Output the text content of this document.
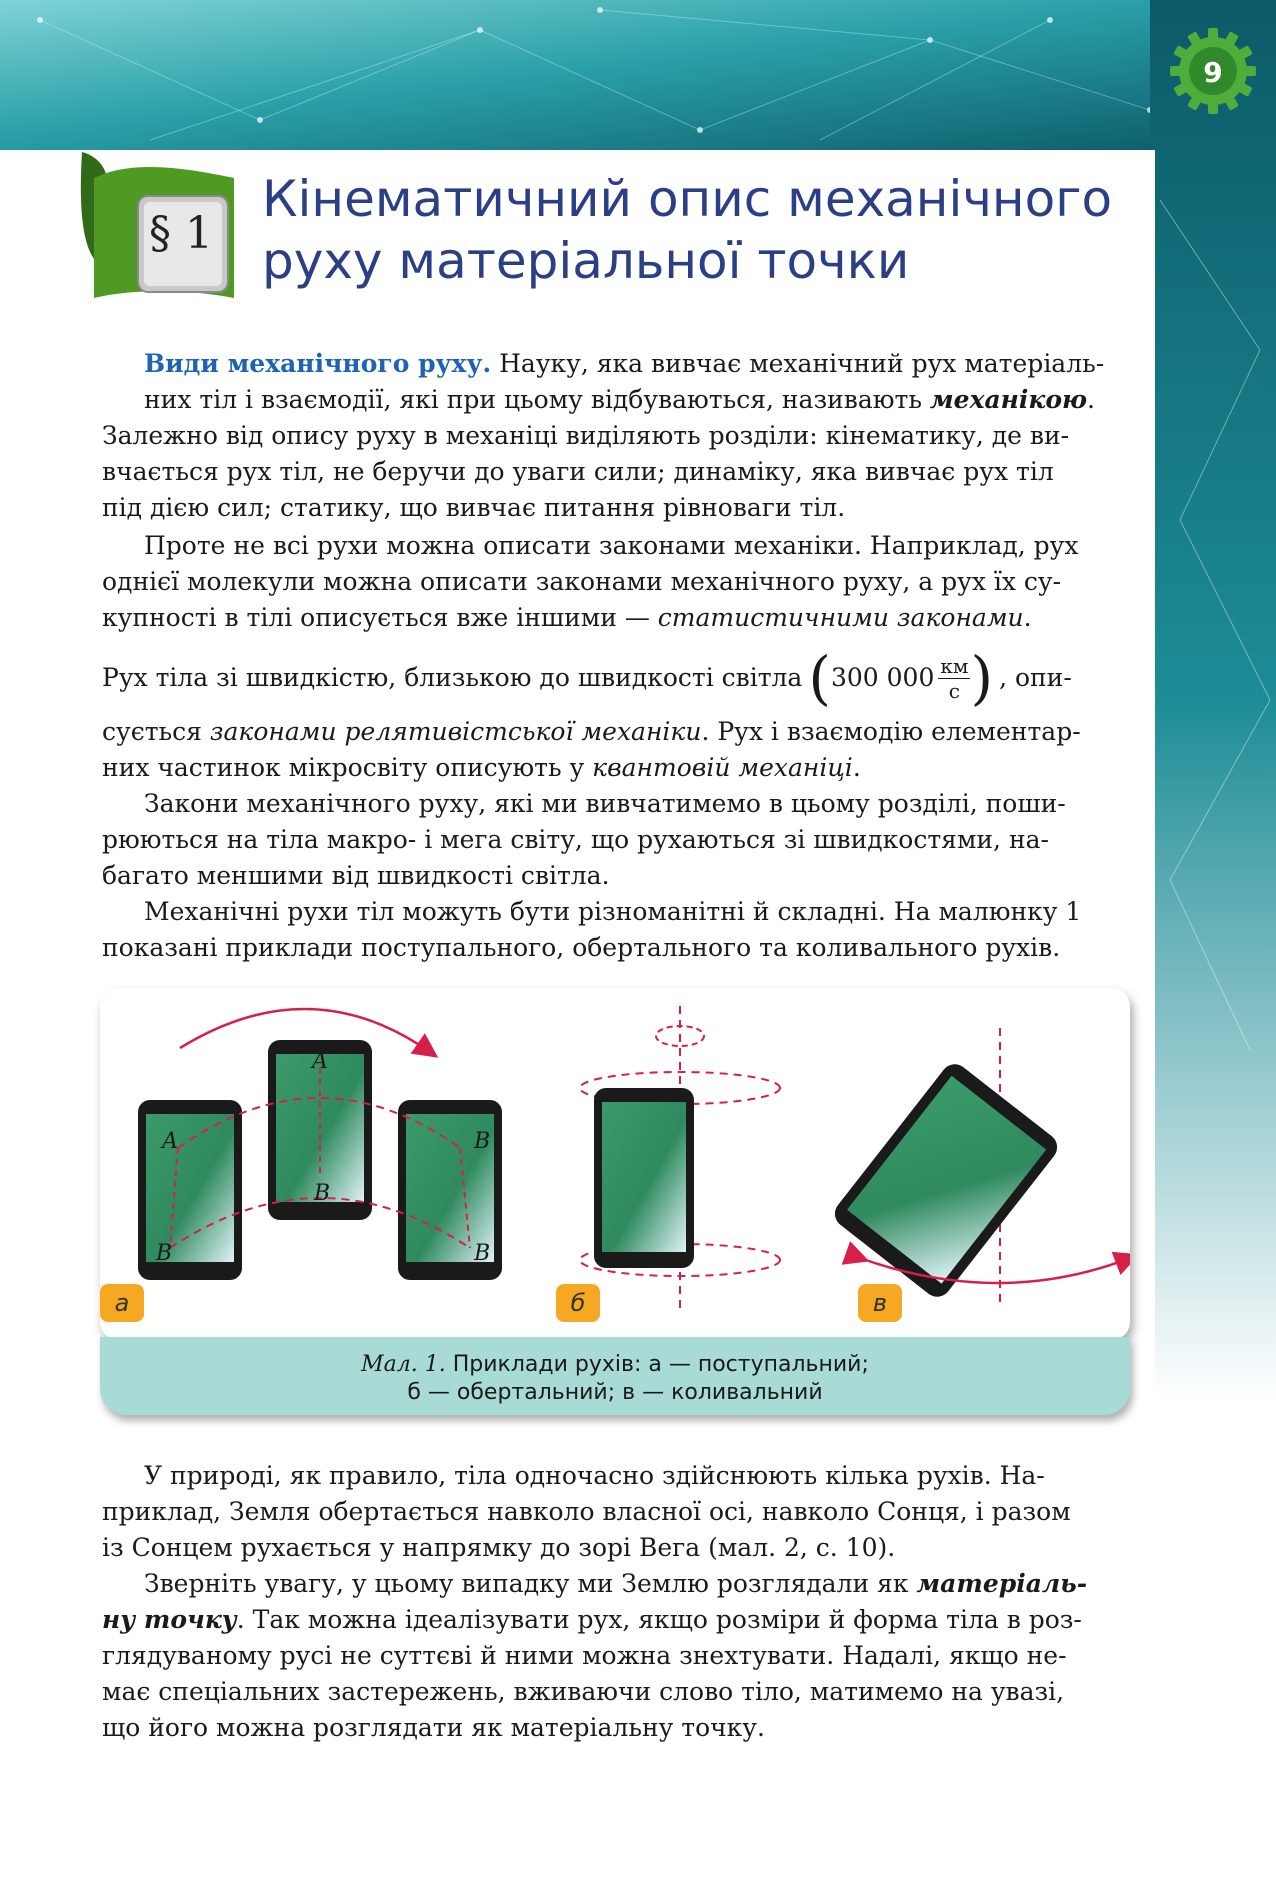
9
§ 1
Кінематичний опис механічного
руху матеріальної точки
Види механічного руху. Науку, яка вивчає механічний рух матеріаль-
них тіл і взаємодії, які при цьому відбуваються, називають механікою.
Залежно від опису руху в механіці виділяють розділи: кінематику, де ви-
вчається рух тіл, не беручи до уваги сили; динаміку, яка вивчає рух тіл
під дією сил; статику, що вивчає питання рівноваги тіл.
Проте не всі рухи можна описати законами механіки. Наприклад, рух
однієї молекули можна описати законами механічного руху, а рух їх су-
купності в тілі описується вже іншими — статистичними законами.
Рух тіла зі швидкістю, близькою до швидкості світла ( 300 $000 \frac{км}{с}$ ) , опи-
сується законами релятивістської механіки. Рух і взаємодію елементар-
них частинок мікросвіту описують у квантовій механіці.
Закони механічного руху, які ми вивчатимемо в цьому розділі, поши-
рюються на тіла макро- і мега світу, що рухаються зі швидкостями, на-
багато меншими від швидкості світла.
Механічні рухи тіл можуть бути різноманітні й складні. На малюнку 1
показані приклади поступального, обертального та коливального рухів.
A
B
A
B
B
B
а	б	в
Мал. 1. Приклади рухів: а — поступальний;
б — обертальний; в — коливальний
У природі, як правило, тіла одночасно здійснюють кілька рухів. На-
приклад, Земля обертається навколо власної осі, навколо Сонця, і разом
із Сонцем рухається у напрямку до зорі Вега (мал. 2, с. 10).
Зверніть увагу, у цьому випадку ми Землю розглядали як матеріаль-
ну точку. Так можна ідеалізувати рух, якщо розміри й форма тіла в роз-
глядуваному русі не суттєві й ними можна знехтувати. Надалі, якщо не-
має спеціальних застережень, вживаючи слово тіло, матимемо на увазі,
що його можна розглядати як матеріальну точку.
